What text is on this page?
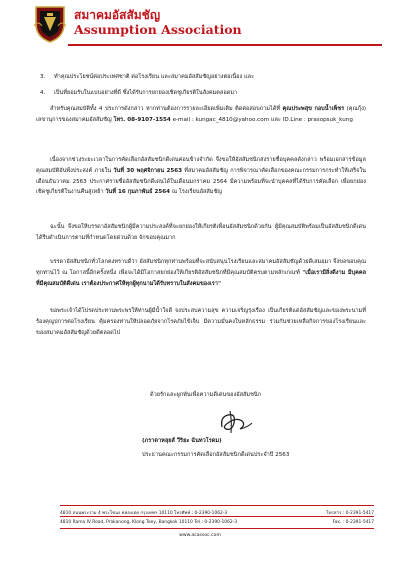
สมาคมอัสสัมชัญ
Assumption Association
3. ทำคุณประโยชน์ต่อประเทศชาติ ต่อโรงเรียน และสมาคมอัสสัมชัญอย่างต่อเนื่อง และ
4. เป็นที่ยอมรับในแบบอย่างที่ดี ซึ่งได้รับการยกย่องเชิดชูเกียรติในสังคมตลอดมา
สำหรับคุณสมบัติทั้ง 4 ประการดังกล่าว หากท่านต้องการรายละเอียดเพิ่มเติม ติดต่อสอบถามได้ที่ คุณประพสุข กอบน้ำเพ็ชร (คุณกุ้ง) เลขานุการของสมาคมอัสสัมชัญ โทร. 08-9107-1554 e-mail : kungac_4810@yahoo.com และ ID.Line : prasopsuk_kung
เนื่องจากช่วงระยะเวลาในการคัดเลือกอัสสัมชนิกดีเด่นค่อนข้างจำกัด จึงขอให้อัสสัมชนิกส่งรายชื่อบุคคลดังกล่าว พร้อมเอกสารข้อมูล คุณสมบัติอันพึงประสงค์ ภายใน วันที่ 30 พฤศจิกายน 2563 ที่สมาคมอัสสัมชัญ การพิจารณาคัดเลือกของคณะกรรมการกระทำให้เสร็จในเดือนธันวาคม 2563 ประกาศรายชื่ออัสสัมชนิกดีเด่นได้ในเดือนมกราคม 2564 มีความพร้อมที่จะนำบุคคลที่ได้รับการคัดเลือก เพื่อยกย่องเชิดชูเกียรติในงานคืนสู่เหย้า วันที่ 16 กุมภาพันธ์ 2564 ณ โรงเรียนอัสสัมชัญ
ฉะนั้น จึงขอให้บรรดาอัสสัมชนิกผู้มีความประสงค์ที่จะยกย่องให้เกียรติเพื่อนอัสสัมชนิกด้วยกัน ผู้มีคุณสมบัติพร้อมเป็นอัสสัมชนิกดีเด่น ได้รีบดำเนินการตามที่กำหนดโดยด่วนด้วย จักขอบคุณมาก
บรรดาอัสสัมชนิกทั่วโลกคงทราบดีว่า อัสสัมชนิกทุกท่านพร้อมที่จะสนับสนุนโรงเรียนและสมาคมอัสสัมชัญด้วยดีเสมอมา จึงขอขอบคุณทุกท่านไว้ ณ โอกาสนี้อีกครั้งหนึ่ง เพื่อจะได้มีโอกาสยกย่องให้เกียรติอัสสัมชนิกที่มีคุณสมบัติครบตามหลักเกณฑ์ "เมื่อเรามีสิ่งดีงาม มีบุคคลที่มีคุณสมบัติดีเด่น เราต้องประกาศให้ทุกผู้ทุกนามได้รับทราบในสังคมของเรา"
ขอพระเจ้าได้โปรดประทานพระพรให้ท่านผู้มีน้ำใจดี จงประสบความสุข ความเจริญรุ่งเรือง เป็นเกียรติแด่อัสสัมชัญและของพระนามที่ร้องคุณูปการต่อโรงเรียน คุ้มครองท่านให้ปลอดภัยจากโรคภัยไข้เจ็บ มีความมั่นคงในหลักธรรม ร่วมกันช่วยเหลือกิจการของโรงเรียนและของสมาคมอัสสัมชัญด้วยดีตลอดไป
ด้วยรักและผูกพันเพื่อความดีเด่นของอัสสัมชนิก
(ภราดาหลุยส์ วีริยะ ฉันทวโรดม)
ประธานคณะกรรมการคัดเลือกอัสสัมชนิกดีเด่นประจำปี 2563
4810 ถนนพระราม 4 พระโขนง คลองเตย กรุงเทพฯ 10110 โทรศัพท์ : 0-2390-1062-3	โทรสาร : 0-2391-5417
4810 Rama IV Road, Prakanong, Klong Toey, Bangkok 10110 Tel : 0-2390-1062-3	Fax. : 0-2391-5417
www.acassoc.com
